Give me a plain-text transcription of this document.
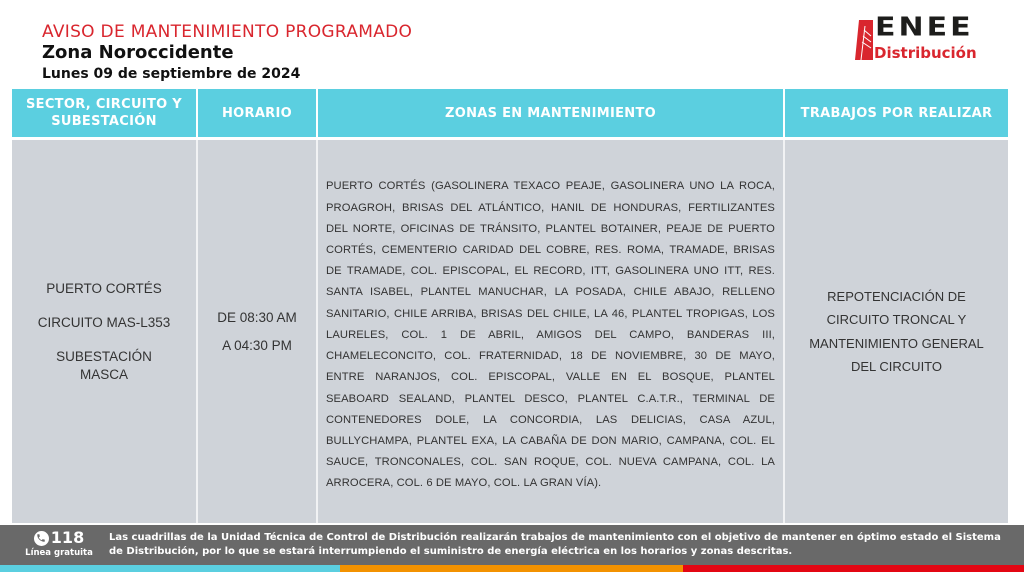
AVISO DE MANTENIMIENTO PROGRAMADO
Zona Noroccidente
Lunes 09 de septiembre de 2024
ENEE
Distribución
SECTOR, CIRCUITO Y SUBESTACIÓN
HORARIO	ZONAS EN MANTENIMIENTO	TRABAJOS POR REALIZAR
PUERTO CORTÉS
CIRCUITO MAS-L353
SUBESTACIÓN MASCA
DE 08:30 AM
A 04:30 PM
PUERTO CORTÉS (GASOLINERA TEXACO PEAJE, GASOLINERA UNO LA ROCA, PROAGROH, BRISAS DEL ATLÁNTICO, HANIL DE HONDURAS, FERTILIZANTES DEL NORTE, OFICINAS DE TRÁNSITO, PLANTEL BOTAINER, PEAJE DE PUERTO CORTÉS, CEMENTERIO CARIDAD DEL COBRE, RES. ROMA, TRAMADE, BRISAS DE TRAMADE, COL. EPISCOPAL, EL RECORD, ITT, GASOLINERA UNO ITT, RES. SANTA ISABEL, PLANTEL MANUCHAR, LA POSADA, CHILE ABAJO, RELLENO SANITARIO, CHILE ARRIBA, BRISAS DEL CHILE, LA 46, PLANTEL TROPIGAS, LOS LAURELES, COL. 1 DE ABRIL, AMIGOS DEL CAMPO, BANDERAS III, CHAMELECONCITO, COL. FRATERNIDAD, 18 DE NOVIEMBRE, 30 DE MAYO, ENTRE NARANJOS, COL. EPISCOPAL, VALLE EN EL BOSQUE, PLANTEL SEABOARD SEALAND, PLANTEL DESCO, PLANTEL C.A.T.R., TERMINAL DE CONTENEDORES DOLE, LA CONCORDIA, LAS DELICIAS, CASA AZUL, BULLYCHAMPA, PLANTEL EXA, LA CABAÑA DE DON MARIO, CAMPANA, COL. EL SAUCE, TRONCONALES, COL. SAN ROQUE, COL. NUEVA CAMPANA, COL. LA ARROCERA, COL. 6 DE MAYO, COL. LA GRAN VÍA).
REPOTENCIACIÓN DE CIRCUITO TRONCAL Y MANTENIMIENTO GENERAL DEL CIRCUITO
118
Línea gratuita
Las cuadrillas de la Unidad Técnica de Control de Distribución realizarán trabajos de mantenimiento con el objetivo de mantener en óptimo estado el Sistema de Distribución, por lo que se estará interrumpiendo el suministro de energía eléctrica en los horarios y zonas descritas.
